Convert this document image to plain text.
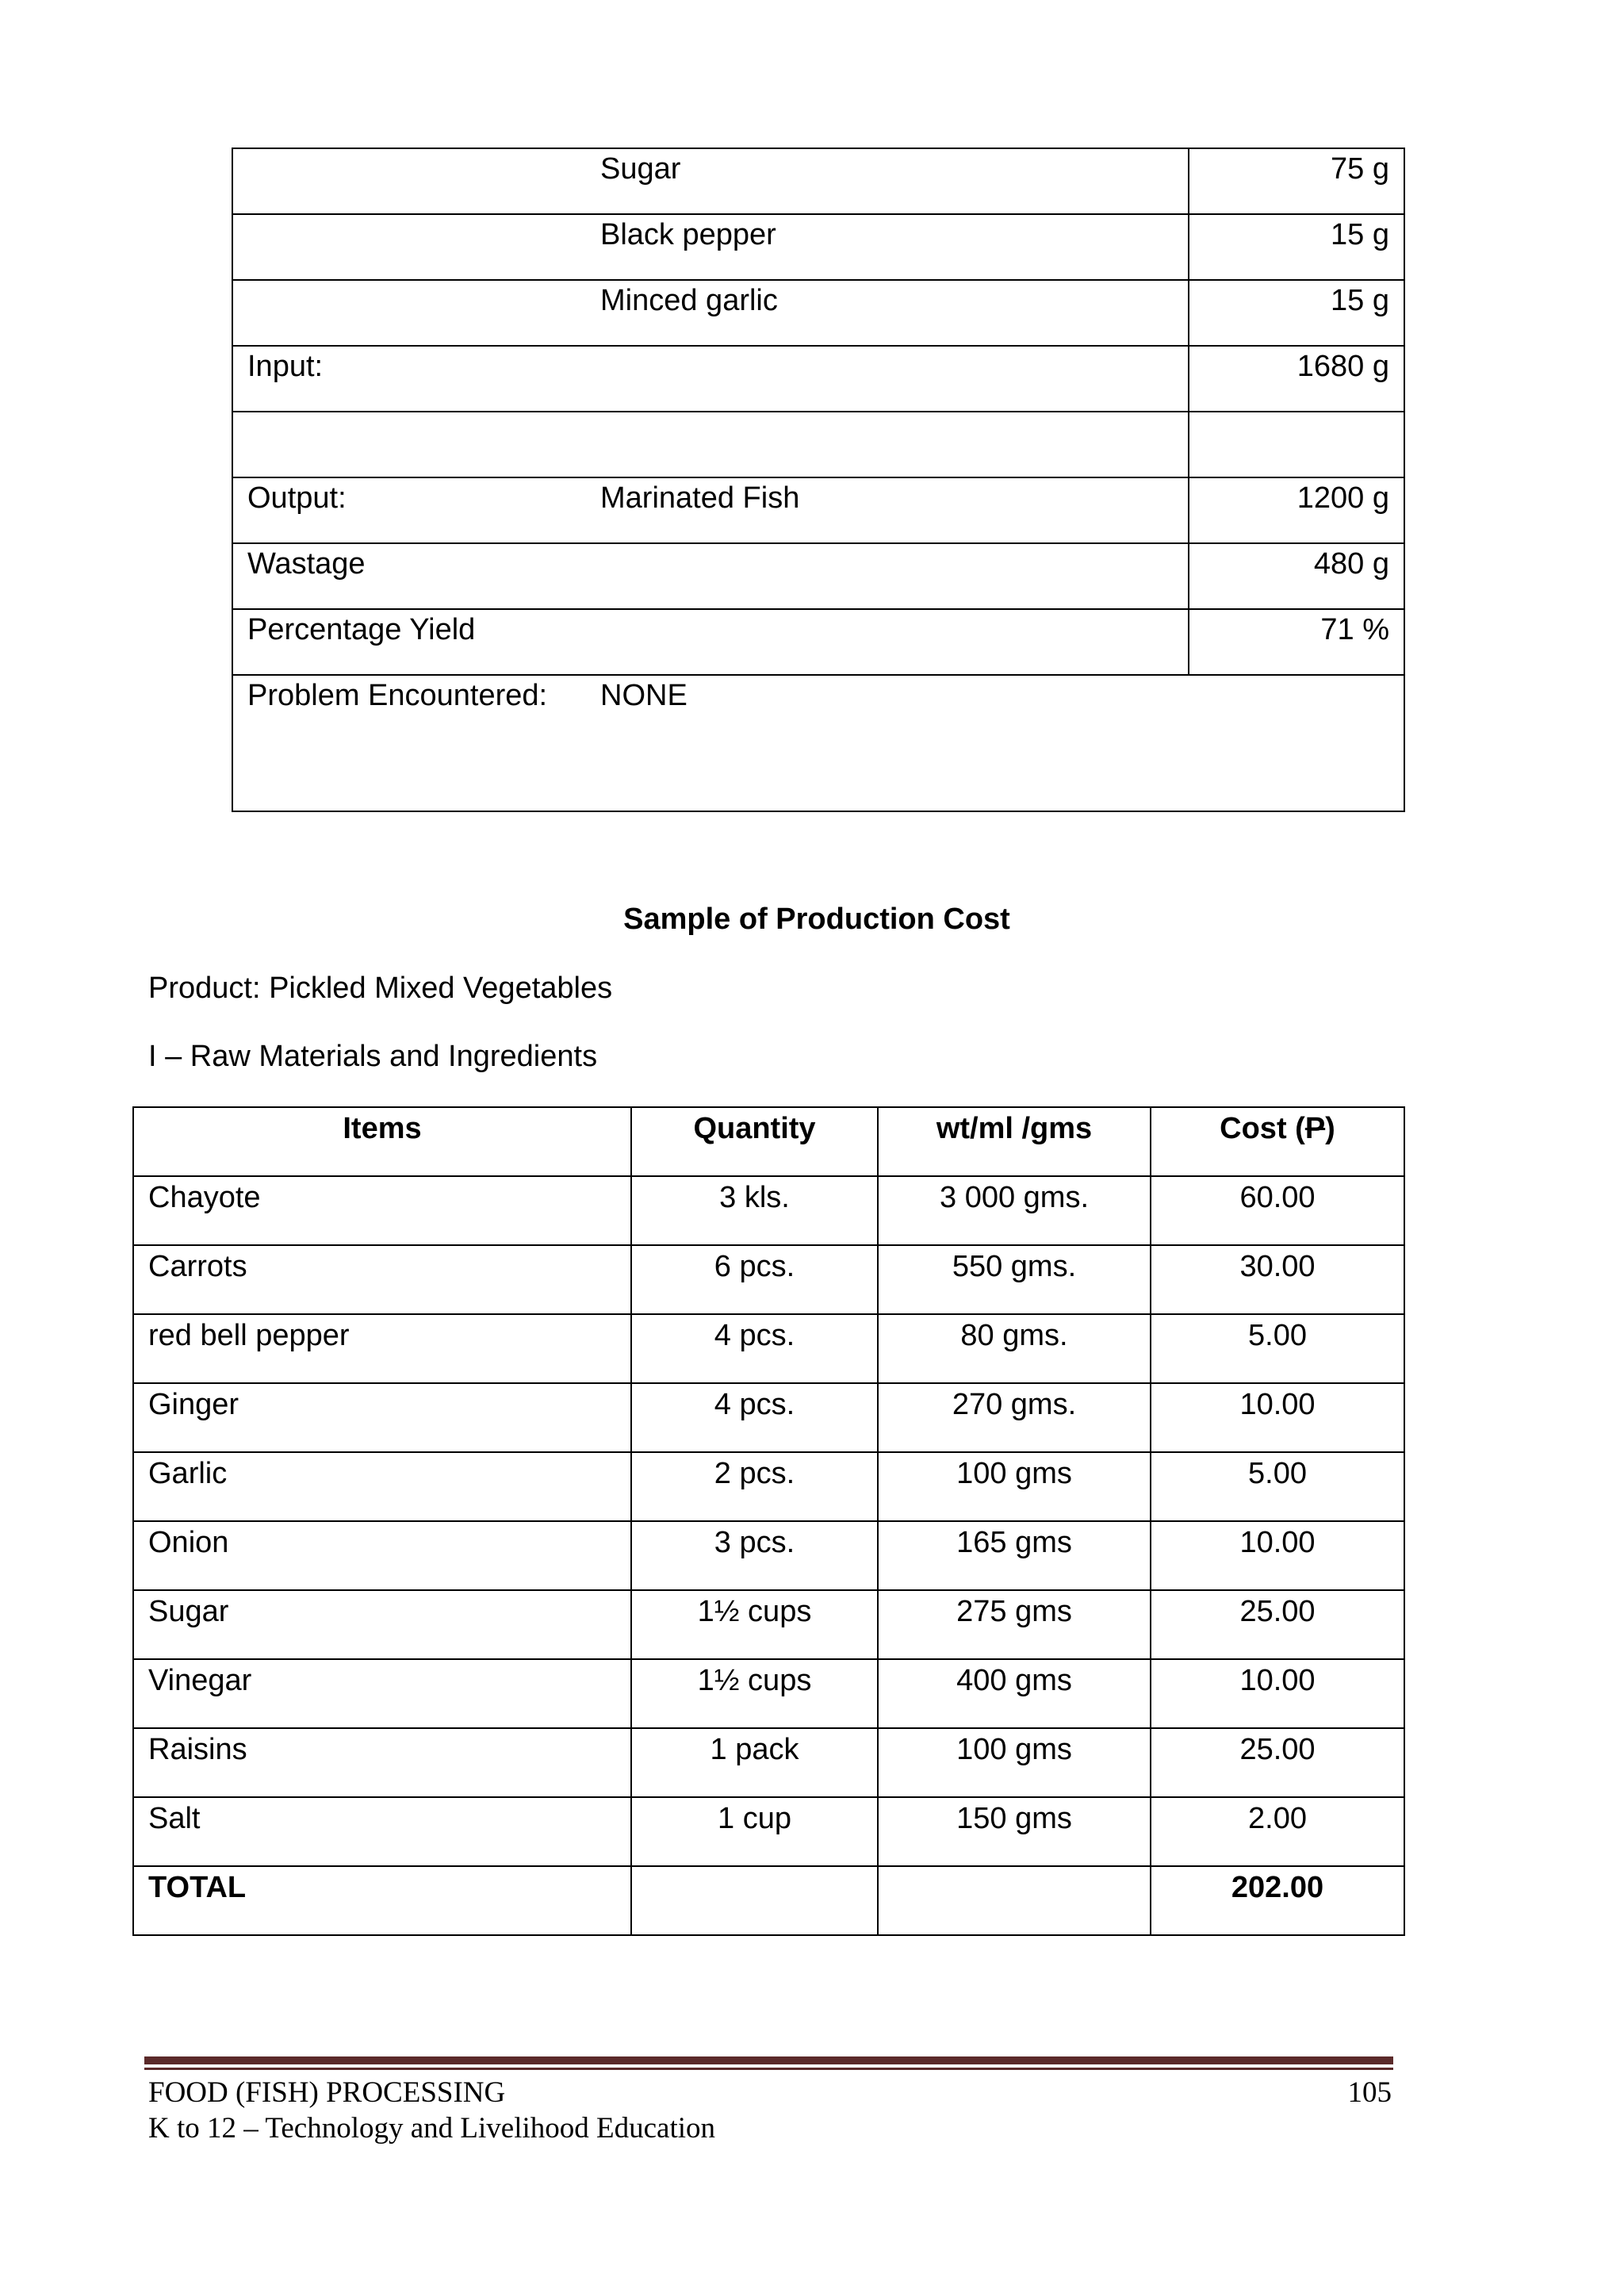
Sugar	75 g
Black pepper	15 g
Minced garlic	15 g
Input:	1680 g

Output: Marinated Fish	1200 g
Wastage	480 g
Percentage Yield	71 %
Problem Encountered: NONE	
Sample of Production Cost
Product: Pickled Mixed Vegetables
I – Raw Materials and Ingredients
Items	Quantity	wt/ml /gms	Cost (P)
Chayote	3 kls.	3 000 gms.	60.00
Carrots	6 pcs.	550 gms.	30.00
red bell pepper	4 pcs.	80 gms.	5.00
Ginger	4 pcs.	270 gms.	10.00
Garlic	2 pcs.	100 gms	5.00
Onion	3 pcs.	165 gms	10.00
Sugar	1½ cups	275 gms	25.00
Vinegar	1½ cups	400 gms	10.00
Raisins	1 pack	100 gms	25.00
Salt	1 cup	150 gms	2.00
TOTAL			202.00
FOOD (FISH) PROCESSING
K to 12 – Technology and Livelihood Education
105
